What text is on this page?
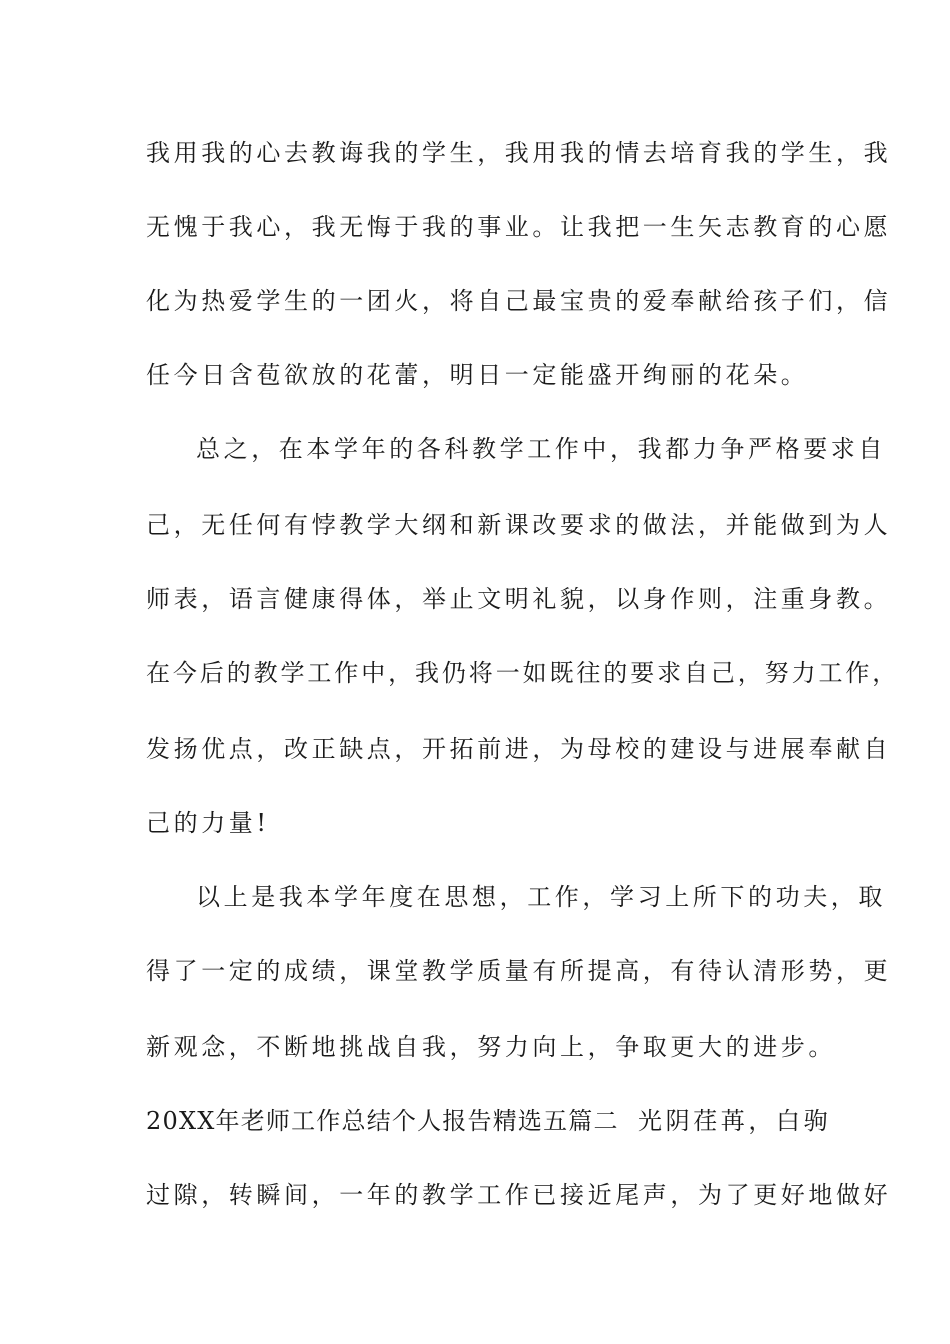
我用我的心去教诲我的学生，我用我的情去培育我的学生，我
无愧于我心，我无悔于我的事业。让我把一生矢志教育的心愿
化为热爱学生的一团火，将自己最宝贵的爱奉献给孩子们，信
任今日含苞欲放的花蕾，明日一定能盛开绚丽的花朵。
总之，在本学年的各科教学工作中，我都力争严格要求自
己，无任何有悖教学大纲和新课改要求的做法，并能做到为人
师表，语言健康得体，举止文明礼貌，以身作则，注重身教。
在今后的教学工作中，我仍将一如既往的要求自己，努力工作，
发扬优点，改正缺点，开拓前进，为母校的建设与进展奉献自
己的力量!
以上是我本学年度在思想，工作，学习上所下的功夫，取
得了一定的成绩，课堂教学质量有所提高，有待认清形势，更
新观念，不断地挑战自我，努力向上，争取更大的进步。
20XX年老师工作总结个人报告精选五篇二 光阴荏苒，白驹
过隙，转瞬间，一年的教学工作已接近尾声，为了更好地做好
